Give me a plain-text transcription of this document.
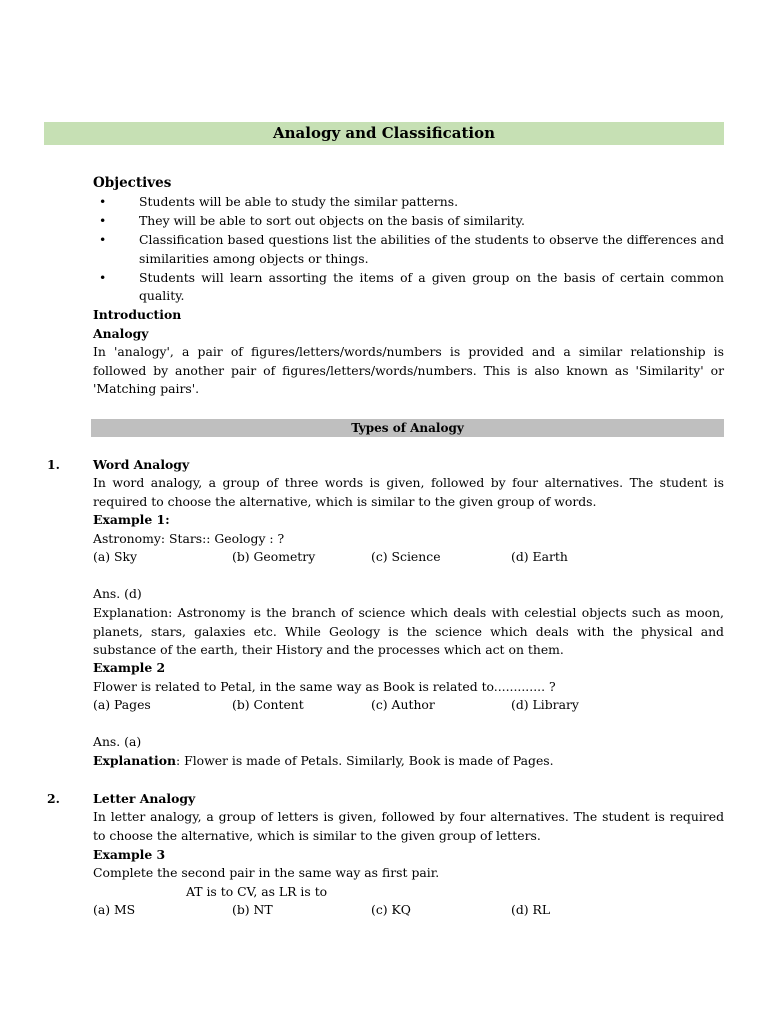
Analogy and Classification
Objectives
•	Students will be able to study the similar patterns.
•	They will be able to sort out objects on the basis of similarity.
•	Classification based questions list the abilities of the students to observe the differences and similarities among objects or things.
•	Students will learn assorting the items of a given group on the basis of certain common quality.
Introduction
Analogy
In 'analogy', a pair of figures/letters/words/numbers is provided and a similar relationship is followed by another pair of figures/letters/words/numbers. This is also known as 'Similarity' or 'Matching pairs'.
Types of Analogy
1.	Word Analogy
In word analogy, a group of three words is given, followed by four alternatives. The student is required to choose the alternative, which is similar to the given group of words.
Example 1:
Astronomy: Stars:: Geology : ?
(a) Sky	(b) Geometry	(c) Science	(d) Earth
Ans. (d)
Explanation: Astronomy is the branch of science which deals with celestial objects such as moon, planets, stars, galaxies etc. While Geology is the science which deals with the physical and substance of the earth, their History and the processes which act on them.
Example 2
Flower is related to Petal, in the same way as Book is related to............. ?
(a) Pages	(b) Content	(c) Author	(d) Library
Ans. (a)
Explanation: Flower is made of Petals. Similarly, Book is made of Pages.
2.	Letter Analogy
In letter analogy, a group of letters is given, followed by four alternatives. The student is required to choose the alternative, which is similar to the given group of letters.
Example 3
Complete the second pair in the same way as first pair.
AT is to CV, as LR is to
(a) MS	(b) NT	(c) KQ	(d) RL
